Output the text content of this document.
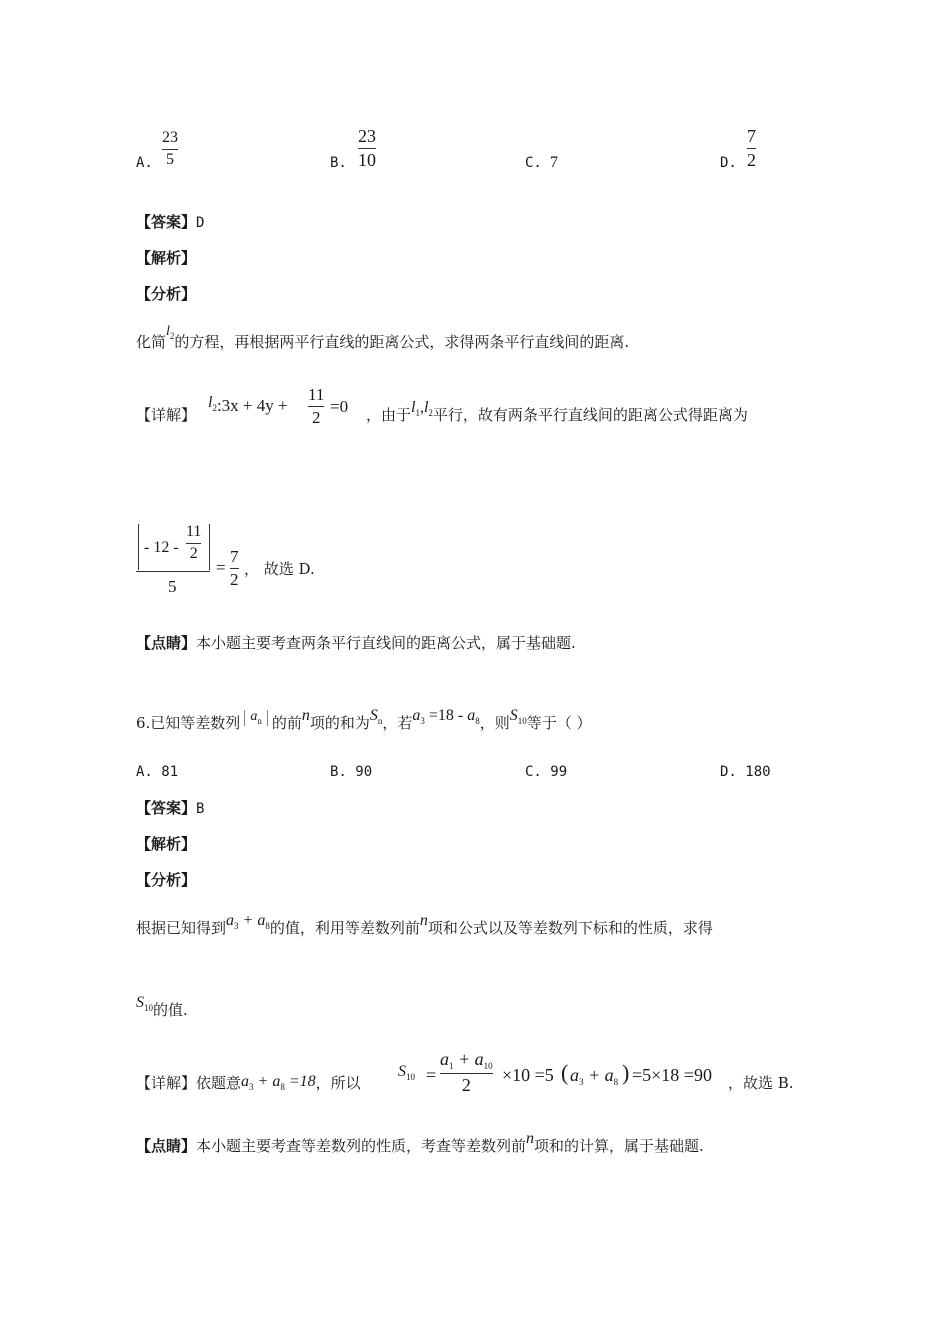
A.
23
5	B.
23
10	C. 7	D.
7
2
【答案】D
【解析】
【分析】
化简$l_2$的方程，再根据两平行直线的距离公式，求得两条平行直线间的距离.
【详解】
$l_2:3x + 4y$ +
11
2
=0 ，由于$l_1,l_2$平行，故有两条平行直线间的距离公式得距离为
- 12 -
11
2
5
=
7
2
， 故选 D.
【点睛】本小题主要考查两条平行直线间的距离公式，属于基础题.
6.已知等差数列 $a_n$ 的前n项的和为$S_n$，若$a_3 =18 - a_8$，则$S_{10}$等于（ ）
A. 81	B. 90	C. 99	D. 180
【答案】B
【解析】
【分析】
根据已知得到$a_3 + a_8$的值，利用等差数列前n项和公式以及等差数列下标和的性质，求得
$S_{10}$的值.
【详解】依题意$a_3 + a_8 =18$，所以
$S_{10}$ =
$a_1 + a_{10}$
2
×10 =5 ( $a_3 + a_8$ ) =5×18 =90 ，故选 B.
【点睛】本小题主要考查等差数列的性质，考查等差数列前n项和的计算，属于基础题.
